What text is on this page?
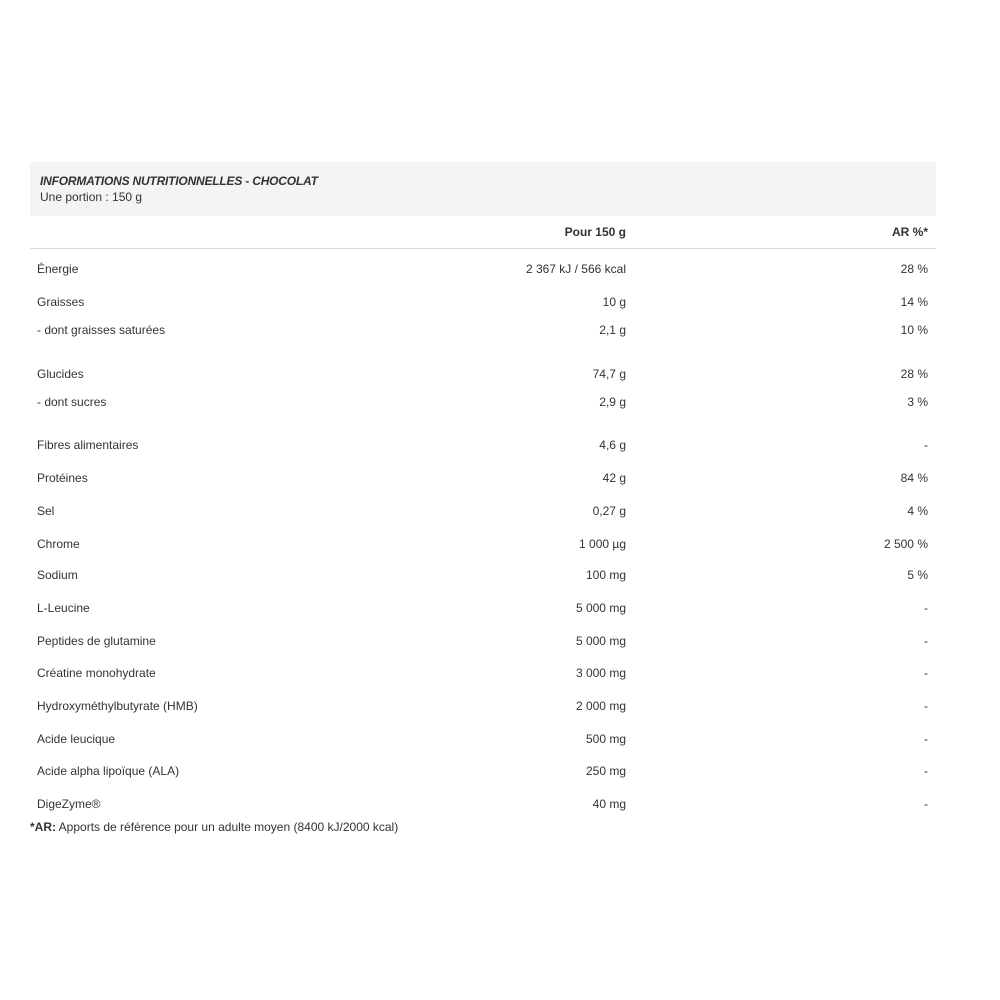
INFORMATIONS NUTRITIONNELLES - CHOCOLAT
Une portion : 150 g
Pour 150 g	AR %*
Énergie	2 367 kJ / 566 kcal	28 %
Graisses	10 g	14 %
- dont graisses saturées	2,1 g	10 %
Glucides	74,7 g	28 %
- dont sucres	2,9 g	3 %
Fibres alimentaires	4,6 g	-
Protéines	42 g	84 %
Sel	0,27 g	4 %
Chrome	1 000 µg	2 500 %
Sodium	100 mg	5 %
L-Leucine	5 000 mg	-
Peptides de glutamine	5 000 mg	-
Créatine monohydrate	3 000 mg	-
Hydroxyméthylbutyrate (HMB)	2 000 mg	-
Acide leucique	500 mg	-
Acide alpha lipoïque (ALA)	250 mg	-
DigeZyme®	40 mg	-
*AR: Apports de référence pour un adulte moyen (8400 kJ/2000 kcal)
